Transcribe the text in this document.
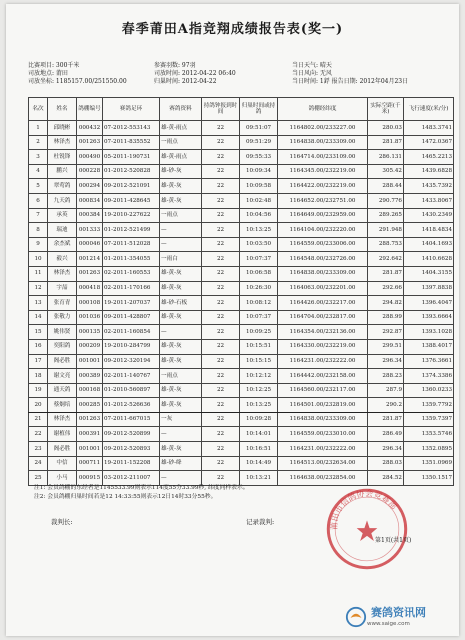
春季莆田A指竞翔成绩报告表(奖一)
比赛项目: 300千米
司放地点: 莆田
司放坐标: 1185157.00/251550.00
参赛羽数: 97羽
司放时间: 2012-04-22 06:40
归巢时间: 2012-04-22
当日天气: 晴天
当日风向: 无风
当日时间: 1鋢 报告日期: 2012年04月23日
名次	姓名	鸽棚编号	赛鸽足环	赛鸽资料	持鸽钟报到时间	归巢时间或持鸽	鸽棚经纬度	实际空距(千米)	飞行速度(米/分)
1	邱晓彬	000432	07-2012-553143	雄-黄-雨点	22	09:51:07	1164802.00/233227.00	280.03	1483.3741
2	林泽杰	001263	07-2011-835552	一雨点	22	09:51:29	1164838.00/233309.00	281.87	1472.0367
3	杜锐锋	000490	05-2011-190731	雄-黄-雨点	22	09:55:33	1164714.00/233109.00	286.131	1465.2213
4	鹏兴	000228	01-2012-520828	雄-砂-灰	22	10:09:34	1164345.00/232219.00	305.42	1439.6828
5	翠莺鸽	000294	09-2012-521091	雄-黄-灰	22	10:09:58	1164422.00/232219.00	288.44	1435.7392
6	九天鸽	000834	09-2011-428645	雄-黄-灰	22	10:02:48	1164652.00/232751.00	290.776	1433.8067
7	承英	000384	19-2010-227622	一雨点	22	10:04:56	1164649.00/232959.00	289.265	1430.2349
8	瑞迪	001333	01-2012-521499	—	22	10:13:25	1164104.00/232220.00	291.948	1418.4834
9	余杰斌	000046	07-2011-512028	—	22	10:03:50	1164559.00/233006.00	288.753	1404.1693
10	毅兴	001214	01-2011-354055	一雨白	22	10:07:37	1164548.00/232726.00	292.642	1410.6628
11	林泽杰	001263	02-2011-160553	雄-黄-灰	22	10:06:58	1164838.00/233309.00	281.87	1404.3155
12	宇喆	000418	02-2011-170166	雄-黄-灰	22	10:26:30	1164063.00/232201.00	292.66	1397.8838
13	张育青	000108	19-2011-207037	雄-砂-石板	22	10:08:12	1164426.00/232217.00	294.82	1396.4047
14	张敬力	001036	09-2011-428807	雄-黄-灰	22	10:07:37	1164704.00/232817.00	288.99	1393.6664
15	姚伟贤	000135	02-2011-160854	—	22	10:09:25	1164354.00/232136.00	292.87	1393.1028
16	奕阳鸽	000209	19-2010-284799	雄-黄-灰	22	10:15:51	1164330.00/232219.00	299.51	1388.4017
17	阁必胜	001001	09-2012-320194	雄-黄-灰	22	10:15:15	1164231.00/232222.00	296.34	1376.3661
18	谢文亮	000389	02-2011-140767	一雨点	22	10:12:12	1164442.00/232158.00	288.23	1374.3386
19	通天鸽	000168	01-2010-560897	雄-黄-灰	22	10:12:25	1164560.00/232117.00	287.9	1360.0233
20	蔡炯培	000285	01-2012-526636	雄-黄-灰	22	10:13:25	1164501.00/232819.00	290.2	1359.7792
21	林泽杰	001263	07-2011-667015	一灰	22	10:09:28	1164838.00/233309.00	281.87	1359.7397
22	谢植伟	000391	09-2012-520899	—	22	10:14:01	1164559.00/233010.00	286.49	1353.5746
23	阁必胜	001001	09-2012-520893	雄-黄-灰	22	10:16:51	1164231.00/232222.00	296.34	1352.0895
24	中信	000711	19-2011-152208	雄-砂-绛	22	10:14:49	1164513.00/232634.00	288.03	1351.0969
25	小马	000915	03-2012-211007	—	22	10:13:21	1164638.00/232854.00	284.52	1350.1517
注1: 会员鸽棚的东经者是1145533.99则表示114度55分33.99秒, 纬度同样表示。
注2: 会员鸽棚归巢时间若是12 14:33:55则表示12日14时33分55秒。
裁判长:	记录裁判:	莆田市信鸽协会竞赛部
第1页(共1页)
赛鸽资讯网
www.saige.com
